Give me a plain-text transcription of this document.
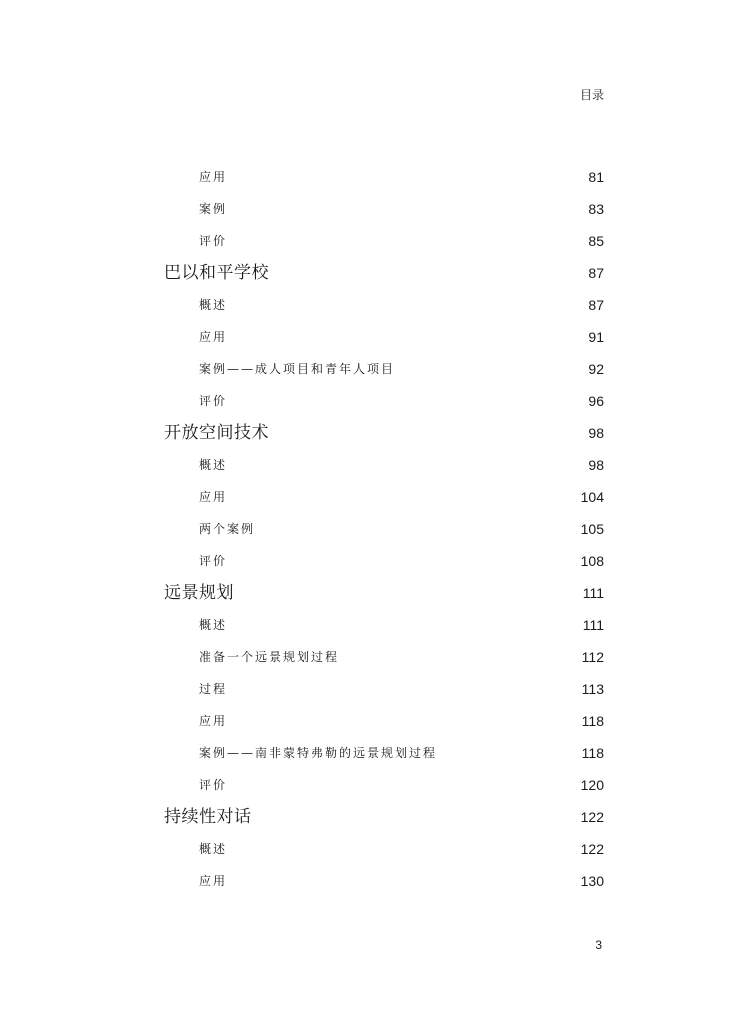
目录
应用	81
案例	83
评价	85
巴以和平学校	87
概述	87
应用	91
案例——成人项目和青年人项目	92
评价	96
开放空间技术	98
概述	98
应用	104
两个案例	105
评价	108
远景规划	111
概述	111
准备一个远景规划过程	112
过程	113
应用	118
案例——南非蒙特弗勒的远景规划过程	118
评价	120
持续性对话	122
概述	122
应用	130
3
